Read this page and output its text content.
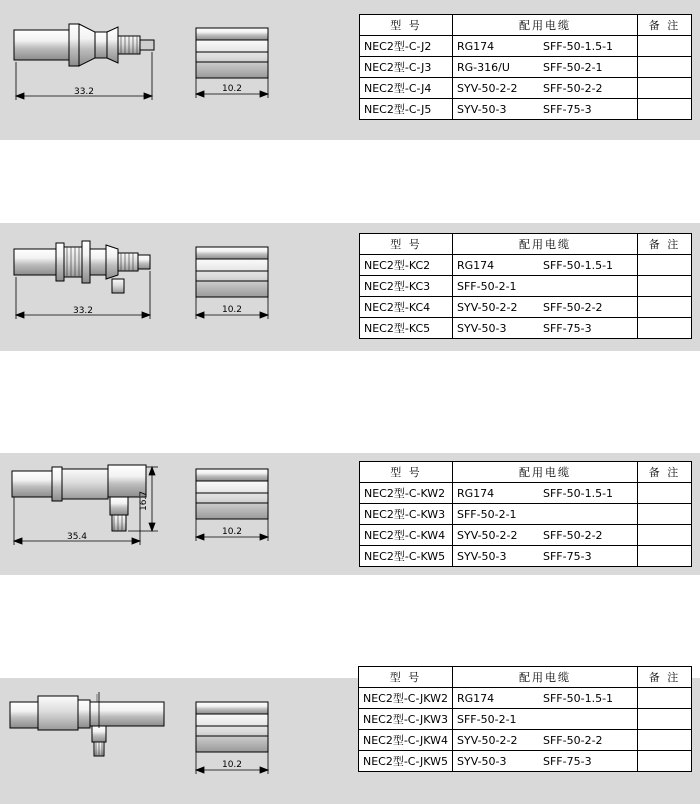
33.2	10.2
型 号	配用电缆	备 注
NEC2型-C-J2	RG174 SFF-50-1.5-1	
NEC2型-C-J3	RG-316/U SFF-50-2-1	
NEC2型-C-J4	SYV-50-2-2 SFF-50-2-2	
NEC2型-C-J5	SYV-50-3 SFF-75-3	
33.2	10.2
型 号	配用电缆	备 注
NEC2型-KC2	RG174 SFF-50-1.5-1	
NEC2型-KC3	SFF-50-2-1	
NEC2型-KC4	SYV-50-2-2 SFF-50-2-2	
NEC2型-KC5	SYV-50-3 SFF-75-3	
16.7
35.4	10.2
型 号	配用电缆	备 注
NEC2型-C-KW2	RG174 SFF-50-1.5-1	
NEC2型-C-KW3	SFF-50-2-1	
NEC2型-C-KW4	SYV-50-2-2 SFF-50-2-2	
NEC2型-C-KW5	SYV-50-3 SFF-75-3	
10.2
型 号	配用电缆	备 注
NEC2型-C-JKW2	RG174 SFF-50-1.5-1	
NEC2型-C-JKW3	SFF-50-2-1	
NEC2型-C-JKW4	SYV-50-2-2 SFF-50-2-2	
NEC2型-C-JKW5	SYV-50-3 SFF-75-3	
